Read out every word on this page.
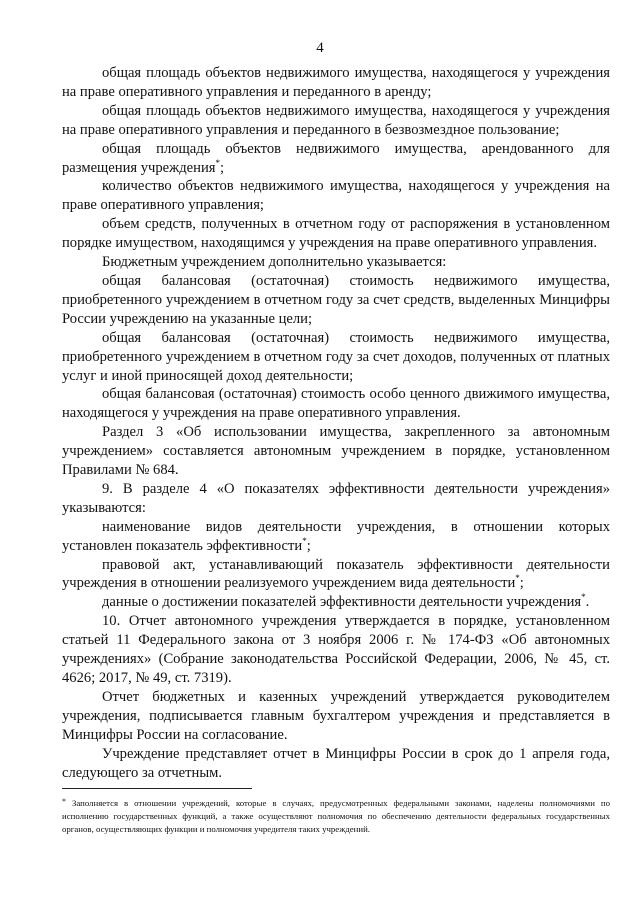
4

общая площадь объектов недвижимого имущества, находящегося у учреждения на праве оперативного управления и переданного в аренду;

общая площадь объектов недвижимого имущества, находящегося у учреждения на праве оперативного управления и переданного в безвозмездное пользование;

общая площадь объектов недвижимого имущества, арендованного для размещения учреждения*;

количество объектов недвижимого имущества, находящегося у учреждения на праве оперативного управления;

объем средств, полученных в отчетном году от распоряжения в установленном порядке имуществом, находящимся у учреждения на праве оперативного управления.

Бюджетным учреждением дополнительно указывается:

общая балансовая (остаточная) стоимость недвижимого имущества, приобретенного учреждением в отчетном году за счет средств, выделенных Минцифры России учреждению на указанные цели;

общая балансовая (остаточная) стоимость недвижимого имущества, приобретенного учреждением в отчетном году за счет доходов, полученных от платных услуг и иной приносящей доход деятельности;

общая балансовая (остаточная) стоимость особо ценного движимого имущества, находящегося у учреждения на праве оперативного управления.

Раздел 3 «Об использовании имущества, закрепленного за автономным учреждением» составляется автономным учреждением в порядке, установленном Правилами № 684.

9. В разделе 4 «О показателях эффективности деятельности учреждения» указываются:

наименование видов деятельности учреждения, в отношении которых установлен показатель эффективности*;

правовой акт, устанавливающий показатель эффективности деятельности учреждения в отношении реализуемого учреждением вида деятельности*;

данные о достижении показателей эффективности деятельности учреждения*.

10. Отчет автономного учреждения утверждается в порядке, установленном статьей 11 Федерального закона от 3 ноября 2006 г. № 174-ФЗ «Об автономных учреждениях» (Собрание законодательства Российской Федерации, 2006, № 45, ст. 4626; 2017, № 49, ст. 7319).

Отчет бюджетных и казенных учреждений утверждается руководителем учреждения, подписывается главным бухгалтером учреждения и представляется в Минцифры России на согласование.

Учреждение представляет отчет в Минцифры России в срок до 1 апреля года, следующего за отчетным.

* Заполняется в отношении учреждений, которые в случаях, предусмотренных федеральными законами, наделены полномочиями по исполнению государственных функций, а также осуществляют полномочия по обеспечению деятельности федеральных государственных органов, осуществляющих функции и полномочия учредителя таких учреждений.
